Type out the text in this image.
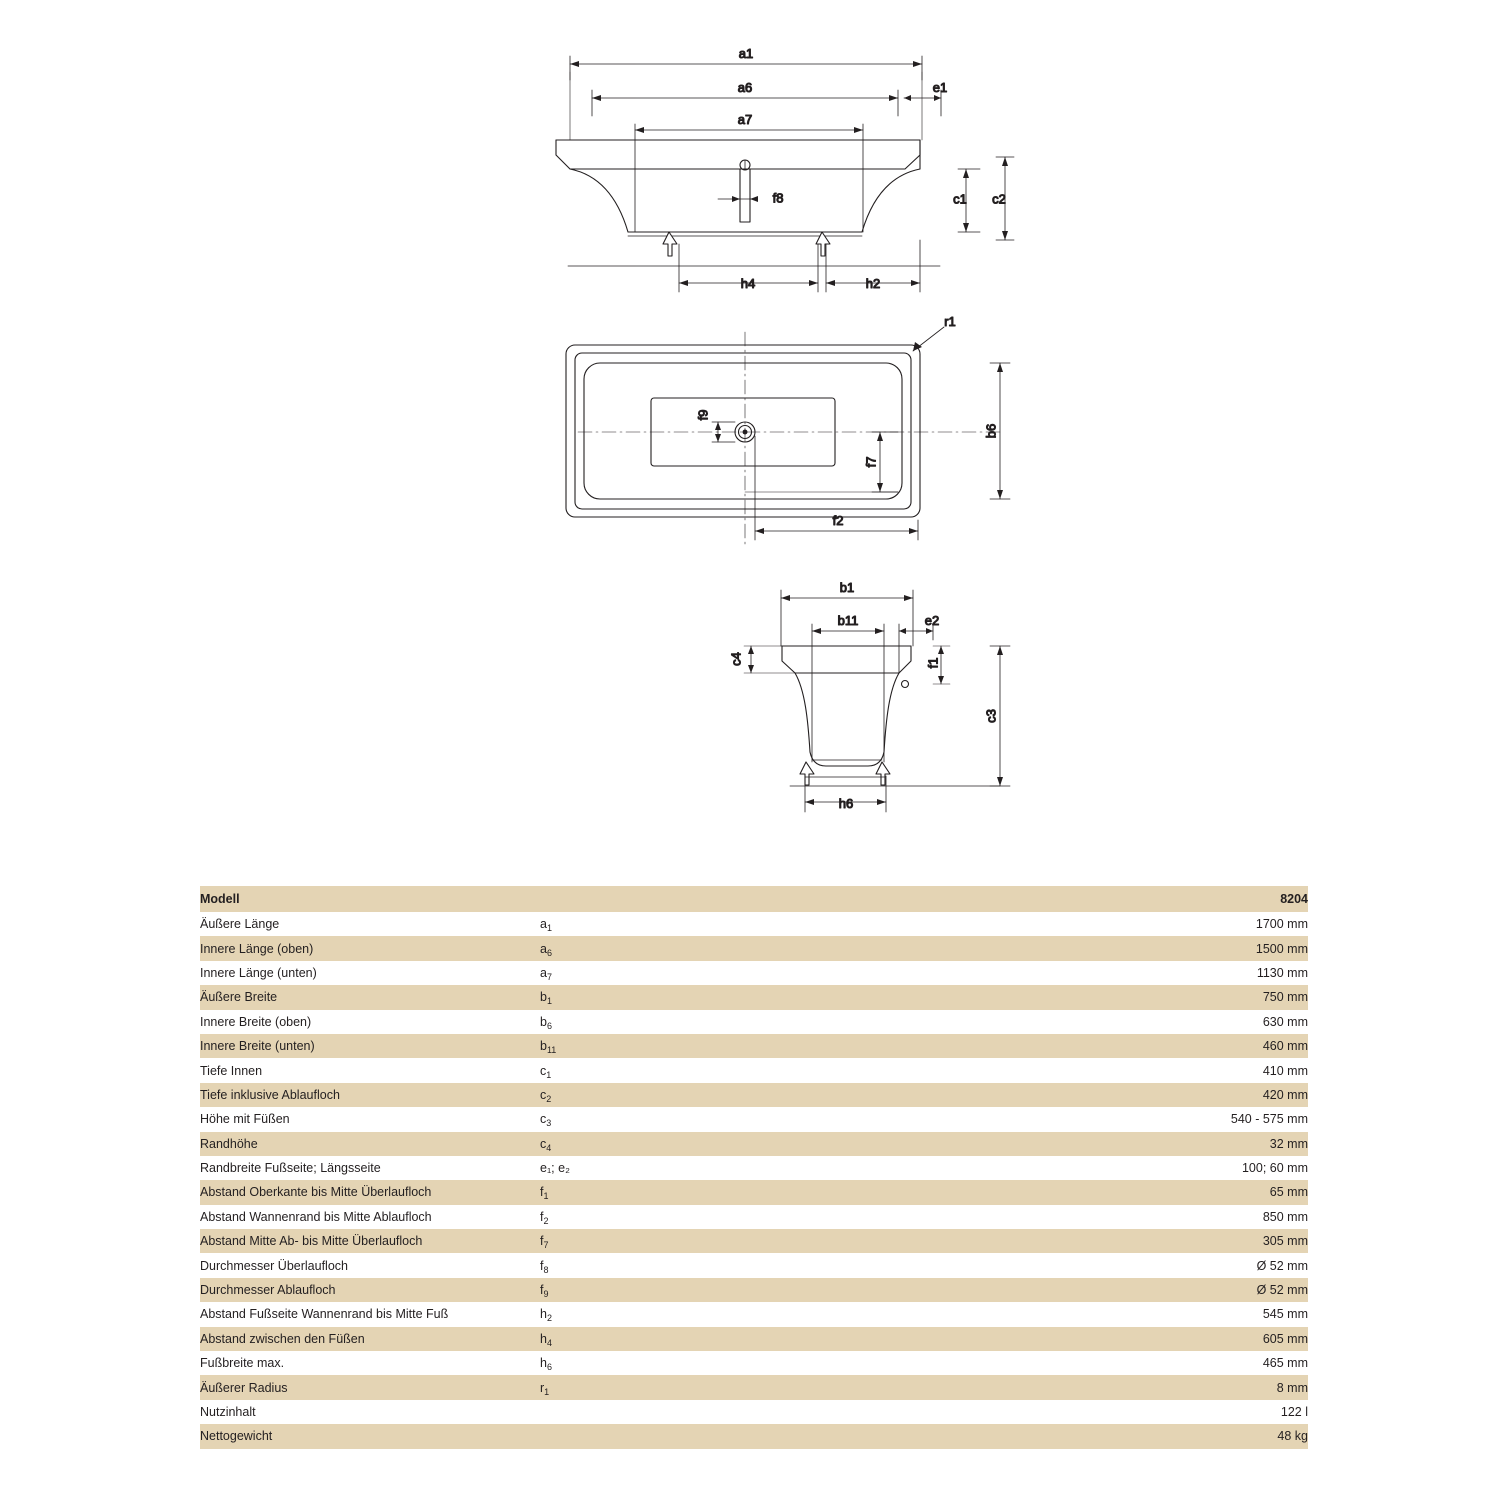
a1
a6	e1
a7
f8	c1 c2
h4	h2
r1
b6
f9
f7
f2
b1
b11	e2
c4	f1
c3
h6
Modell		8204
Äußere Länge	$a_1$	1700 mm
Innere Länge (oben)	$a_6$	1500 mm
Innere Länge (unten)	$a_7$	1130 mm
Äußere Breite	$b_1$	750 mm
Innere Breite (oben)	$b_6$	630 mm
Innere Breite (unten)	$b_{11}$	460 mm
Tiefe Innen	$c_1$	410 mm
Tiefe inklusive Ablaufloch	$c_2$	420 mm
Höhe mit Füßen	$c_3$	540 - 575 mm
Randhöhe	$c_4$	32 mm
Randbreite Fußseite; Längsseite	e₁; e₂	100; 60 mm
Abstand Oberkante bis Mitte Überlaufloch	$f_1$	65 mm
Abstand Wannenrand bis Mitte Ablaufloch	$f_2$	850 mm
Abstand Mitte Ab- bis Mitte Überlaufloch	$f_7$	305 mm
Durchmesser Überlaufloch	$f_8$	Ø 52 mm
Durchmesser Ablaufloch	$f_9$	Ø 52 mm
Abstand Fußseite Wannenrand bis Mitte Fuß	$h_2$	545 mm
Abstand zwischen den Füßen	$h_4$	605 mm
Fußbreite max.	$h_6$	465 mm
Äußerer Radius	$r_1$	8 mm
Nutzinhalt		122 l
Nettogewicht		48 kg
